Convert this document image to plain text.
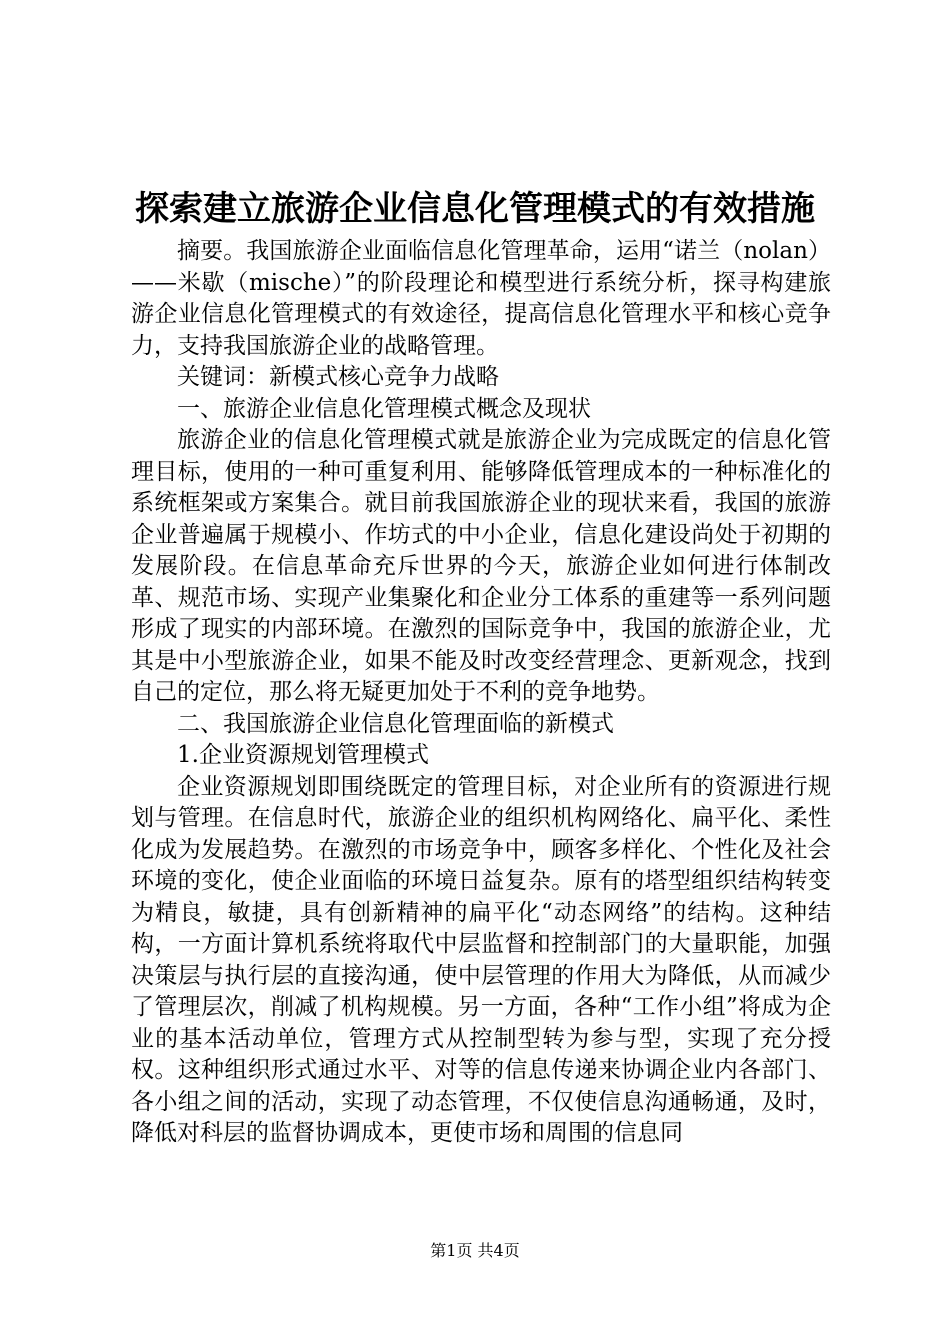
探索建立旅游企业信息化管理模式的有效措施

摘要。我国旅游企业面临信息化管理革命，运用“诺兰（nolan）——米歇（mische）”的阶段理论和模型进行系统分析，探寻构建旅游企业信息化管理模式的有效途径，提高信息化管理水平和核心竞争力，支持我国旅游企业的战略管理。

关键词：新模式核心竞争力战略

一、旅游企业信息化管理模式概念及现状

旅游企业的信息化管理模式就是旅游企业为完成既定的信息化管理目标，使用的一种可重复利用、能够降低管理成本的一种标准化的系统框架或方案集合。就目前我国旅游企业的现状来看，我国的旅游企业普遍属于规模小、作坊式的中小企业，信息化建设尚处于初期的发展阶段。在信息革命充斥世界的今天，旅游企业如何进行体制改革、规范市场、实现产业集聚化和企业分工体系的重建等一系列问题形成了现实的内部环境。在激烈的国际竞争中，我国的旅游企业，尤其是中小型旅游企业，如果不能及时改变经营理念、更新观念，找到自己的定位，那么将无疑更加处于不利的竞争地势。

二、我国旅游企业信息化管理面临的新模式

1.企业资源规划管理模式

企业资源规划即围绕既定的管理目标，对企业所有的资源进行规划与管理。在信息时代，旅游企业的组织机构网络化、扁平化、柔性化成为发展趋势。在激烈的市场竞争中，顾客多样化、个性化及社会环境的变化，使企业面临的环境日益复杂。原有的塔型组织结构转变为精良，敏捷，具有创新精神的扁平化“动态网络”的结构。这种结构，一方面计算机系统将取代中层监督和控制部门的大量职能，加强决策层与执行层的直接沟通，使中层管理的作用大为降低，从而减少了管理层次，削减了机构规模。另一方面，各种“工作小组”将成为企业的基本活动单位，管理方式从控制型转为参与型，实现了充分授权。这种组织形式通过水平、对等的信息传递来协调企业内各部门、各小组之间的活动，实现了动态管理，不仅使信息沟通畅通，及时，降低对科层的监督协调成本，更使市场和周围的信息同

第1页 共4页
